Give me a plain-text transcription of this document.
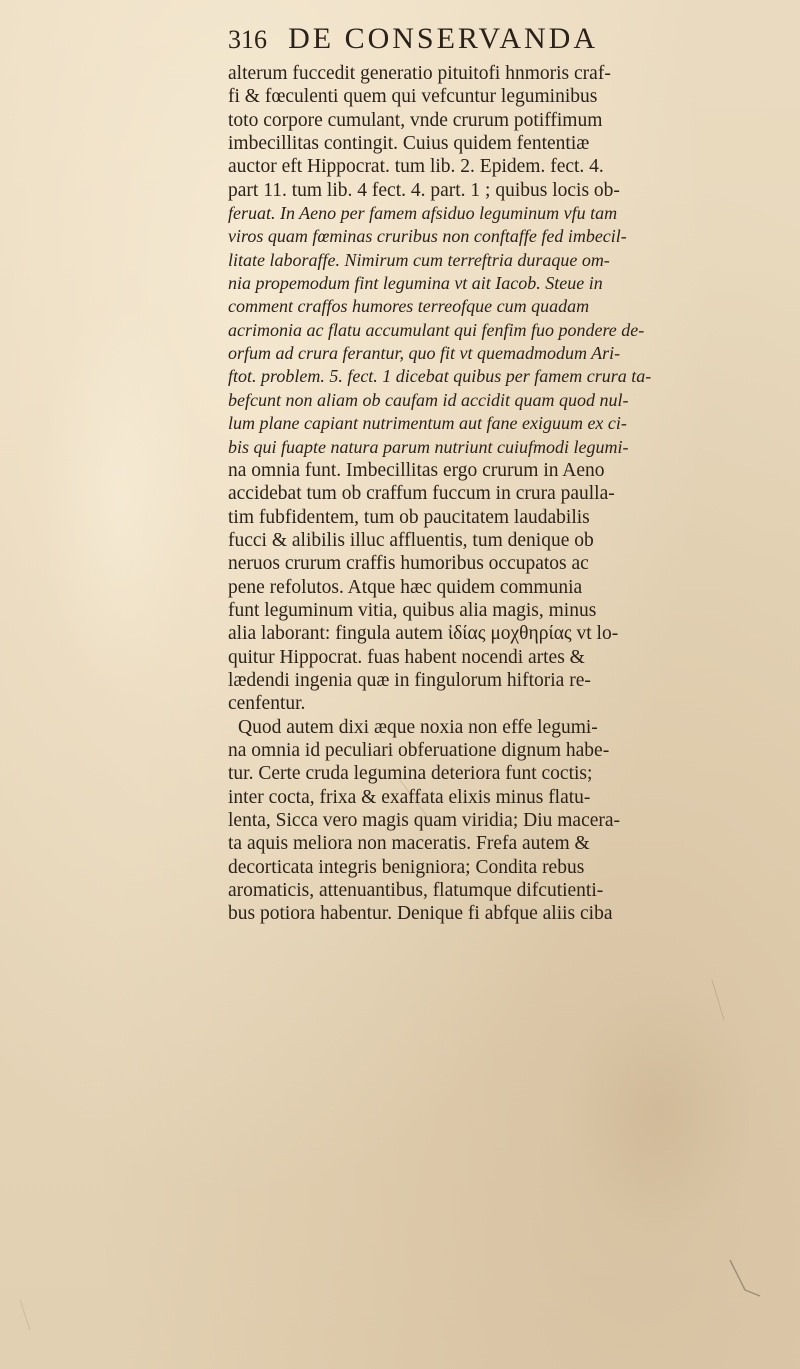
316 DE CONSERVANDA
alterum fuccedit generatio pituitofi hnmoris craf-
fi & fœculenti quem qui vefcuntur leguminibus
toto corpore cumulant, vnde crurum potiffimum
imbecillitas contingit. Cuius quidem fententiæ
auctor eft Hippocrat. tum lib. 2. Epidem. fect. 4.
part 11. tum lib. 4 fect. 4. part. 1 ; quibus locis ob-
feruat. In Aeno per famem afsiduo leguminum vfu tam
viros quam fœminas cruribus non conftaffe fed imbecil-
litate laboraffe. Nimirum cum terreftria duraque om-
nia propemodum fint legumina vt ait Iacob. Steue in
comment craffos humores terreofque cum quadam
acrimonia ac flatu accumulant qui fenfim fuo pondere de-
orfum ad crura ferantur, quo fit vt quemadmodum Ari-
ftot. problem. 5. fect. 1 dicebat quibus per famem crura ta-
befcunt non aliam ob caufam id accidit quam quod nul-
lum plane capiant nutrimentum aut fane exiguum ex ci-
bis qui fuapte natura parum nutriunt cuiufmodi legumi-
na omnia funt. Imbecillitas ergo crurum in Aeno
accidebat tum ob craffum fuccum in crura paulla-
tim fubfidentem, tum ob paucitatem laudabilis
fucci & alibilis illuc affluentis, tum denique ob
neruos crurum craffis humoribus occupatos ac
pene refolutos. Atque hæc quidem communia
funt leguminum vitia, quibus alia magis, minus
alia laborant: fingula autem ἰδίας μοχθηρίας vt lo-
quitur Hippocrat. fuas habent nocendi artes &
lædendi ingenia quæ in fingulorum hiftoria re-
cenfentur.
Quod autem dixi æque noxia non effe legumi-
na omnia id peculiari obferuatione dignum habe-
tur. Certe cruda legumina deteriora funt coctis;
inter cocta, frixa & exaffata elixis minus flatu-
lenta, Sicca vero magis quam viridia; Diu macera-
ta aquis meliora non maceratis. Frefa autem &
decorticata integris benigniora; Condita rebus
aromaticis, attenuantibus, flatumque difcutienti-
bus potiora habentur. Denique fi abfque aliis ciba
